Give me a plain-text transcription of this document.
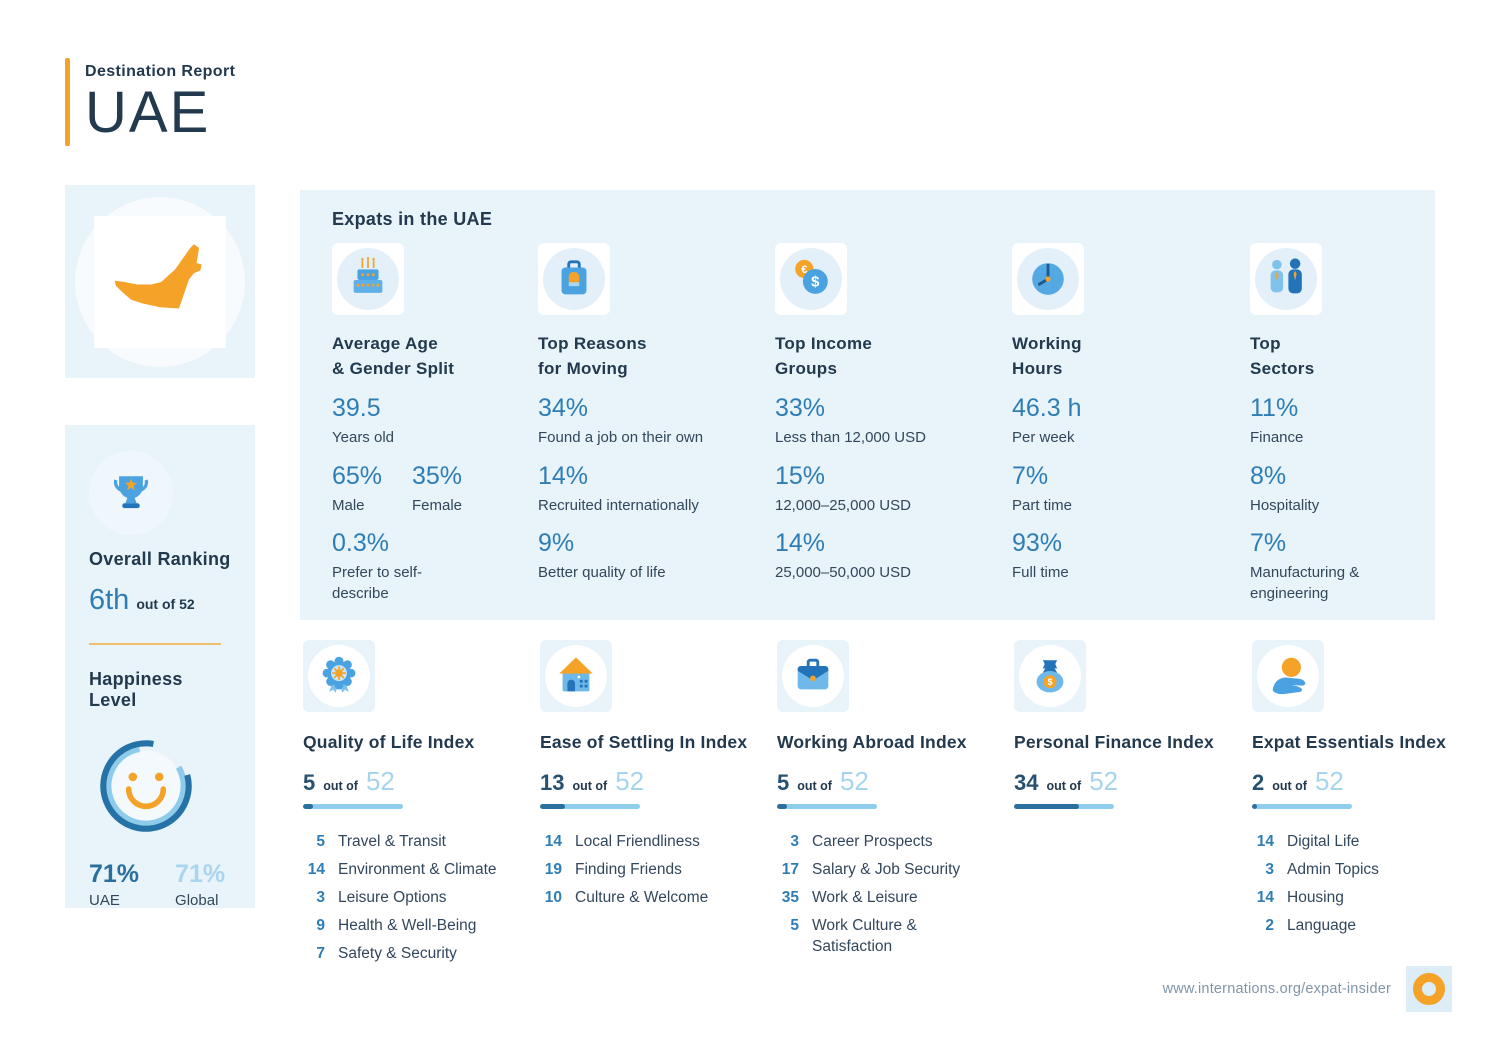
Destination Report
UAE
Overall Ranking
6th out of 52
Happiness Level
71%
UAE
71%
Global
Expats in the UAE
Average Age
& Gender Split
39.5
Years old
65%
Male
35%
Female
0.3%
Prefer to self-describe
Top Reasons
for Moving
34%
Found a job on their own
14%
Recruited internationally
9%
Better quality of life
€
$
Top Income
Groups
33%
Less than 12,000 USD
15%
12,000–25,000 USD
14%
25,000–50,000 USD
Working
Hours
46.3 h
Per week
7%
Part time
93%
Full time
Top
Sectors
11%
Finance
8%
Hospitality
7%
Manufacturing & engineering
Quality of Life Index
5 out of 52
5 Travel & Transit
14 Environment & Climate
3 Leisure Options
9 Health & Well-Being
7 Safety & Security
Ease of Settling In Index
13 out of 52
14 Local Friendliness
19 Finding Friends
10 Culture & Welcome
Working Abroad Index
5 out of 52
3 Career Prospects
17 Salary & Job Security
35 Work & Leisure
5 Work Culture & Satisfaction
$
Personal Finance Index
34 out of 52
Expat Essentials Index
2 out of 52
14 Digital Life
3 Admin Topics
14 Housing
2 Language
www.internations.org/expat-insider
